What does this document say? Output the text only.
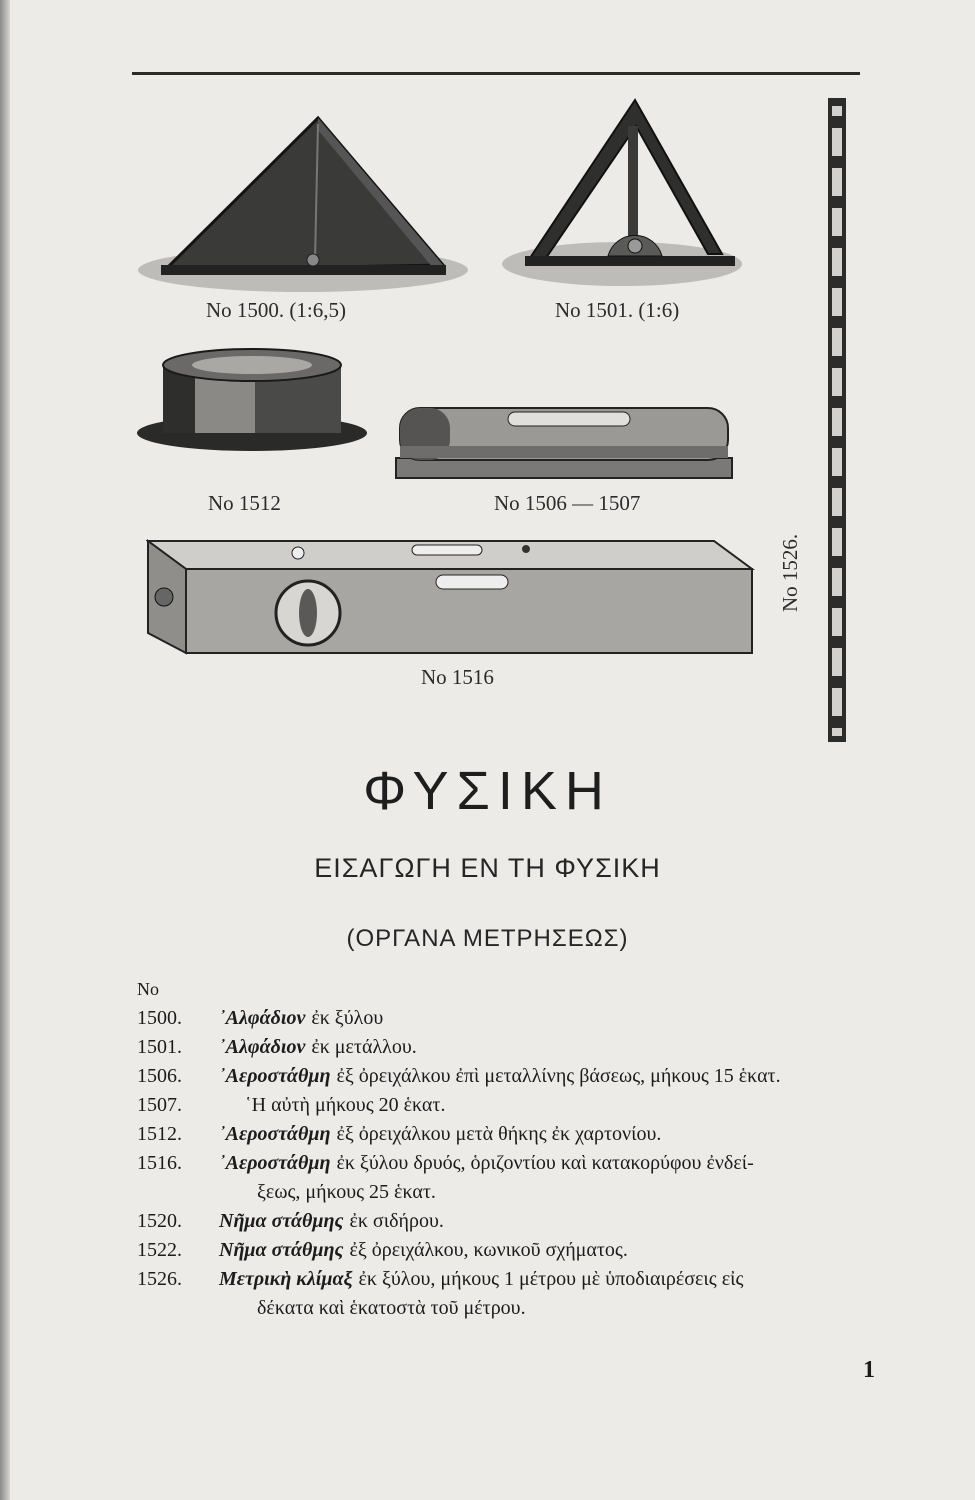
No 1500. (1:6,5)	No 1501. (1:6)
No 1512	No 1506 — 1507
No 1516
No 1526.
ΦΥΣΙΚΗ
ΕΙΣΑΓΩΓΗ ΕΝ ΤΗ ΦΥΣΙΚΗ
(ΟΡΓΑΝΑ ΜΕΤΡΗΣΕΩΣ)
No
1500.	᾿Αλφάδιον ἐκ ξύλου
1501.	᾿Αλφάδιον ἐκ μετάλλου.
1506.	᾿Αεροστάθμη ἐξ ὀρειχάλκου ἐπὶ μεταλλίνης βάσεως, μήκους 15 ἑκατ.
1507.	῾Η αὐτὴ μήκους 20 ἑκατ.
1512.	᾿Αεροστάθμη ἐξ ὀρειχάλκου μετὰ θήκης ἐκ χαρτονίου.
1516.	᾿Αεροστάθμη ἐκ ξύλου δρυός, ὁριζοντίου καὶ κατακορύφου ἐνδεί-
ξεως, μήκους 25 ἑκατ.
1520.	Νῆμα στάθμης ἐκ σιδήρου.
1522.	Νῆμα στάθμης ἐξ ὀρειχάλκου, κωνικοῦ σχήματος.
1526.	Μετρικὴ κλίμαξ ἐκ ξύλου, μήκους 1 μέτρου μὲ ὑποδιαιρέσεις εἰς
δέκατα καὶ ἑκατοστὰ τοῦ μέτρου.
1
